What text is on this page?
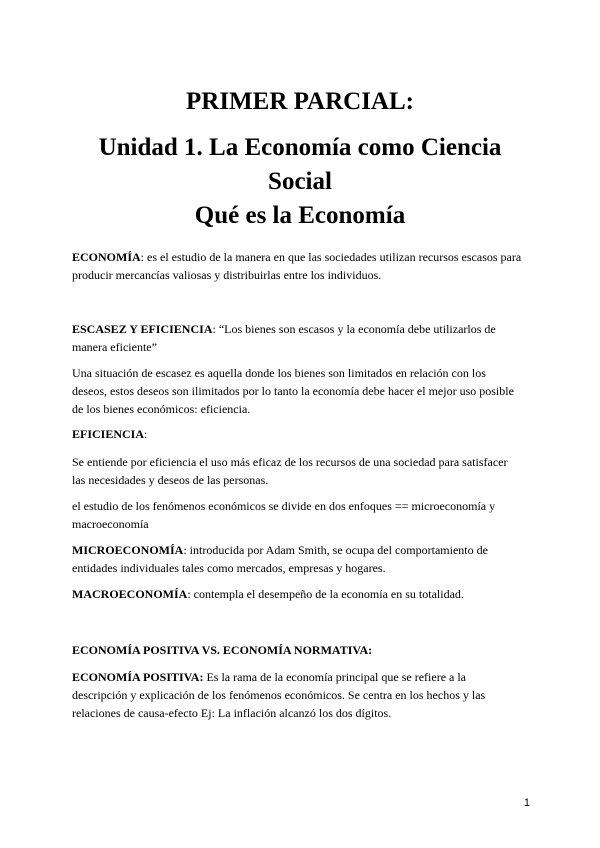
PRIMER PARCIAL:
Unidad 1. La Economía como Ciencia
Social
Qué es la Economía
ECONOMÍA: es el estudio de la manera en que las sociedades utilizan recursos escasos para
producir mercancías valiosas y distribuirlas entre los individuos.
ESCASEZ Y EFICIENCIA: “Los bienes son escasos y la economía debe utilizarlos de
manera eficiente”
Una situación de escasez es aquella donde los bienes son limitados en relación con los
deseos, estos deseos son ilimitados por lo tanto la economía debe hacer el mejor uso posible
de los bienes económicos: eficiencia.
EFICIENCIA:
Se entiende por eficiencia el uso más eficaz de los recursos de una sociedad para satisfacer
las necesidades y deseos de las personas.
el estudio de los fenómenos económicos se divide en dos enfoques == microeconomía y
macroeconomía
MICROECONOMÍA: introducida por Adam Smith, se ocupa del comportamiento de
entidades individuales tales como mercados, empresas y hogares.
MACROECONOMÍA: contempla el desempeño de la economía en su totalidad.
ECONOMÍA POSITIVA VS. ECONOMÍA NORMATIVA:
ECONOMÍA POSITIVA: Es la rama de la economía principal que se refiere a la
descripción y explicación de los fenómenos económicos. Se centra en los hechos y las
relaciones de causa-efecto Ej: La inflación alcanzó los dos dígitos.
1
